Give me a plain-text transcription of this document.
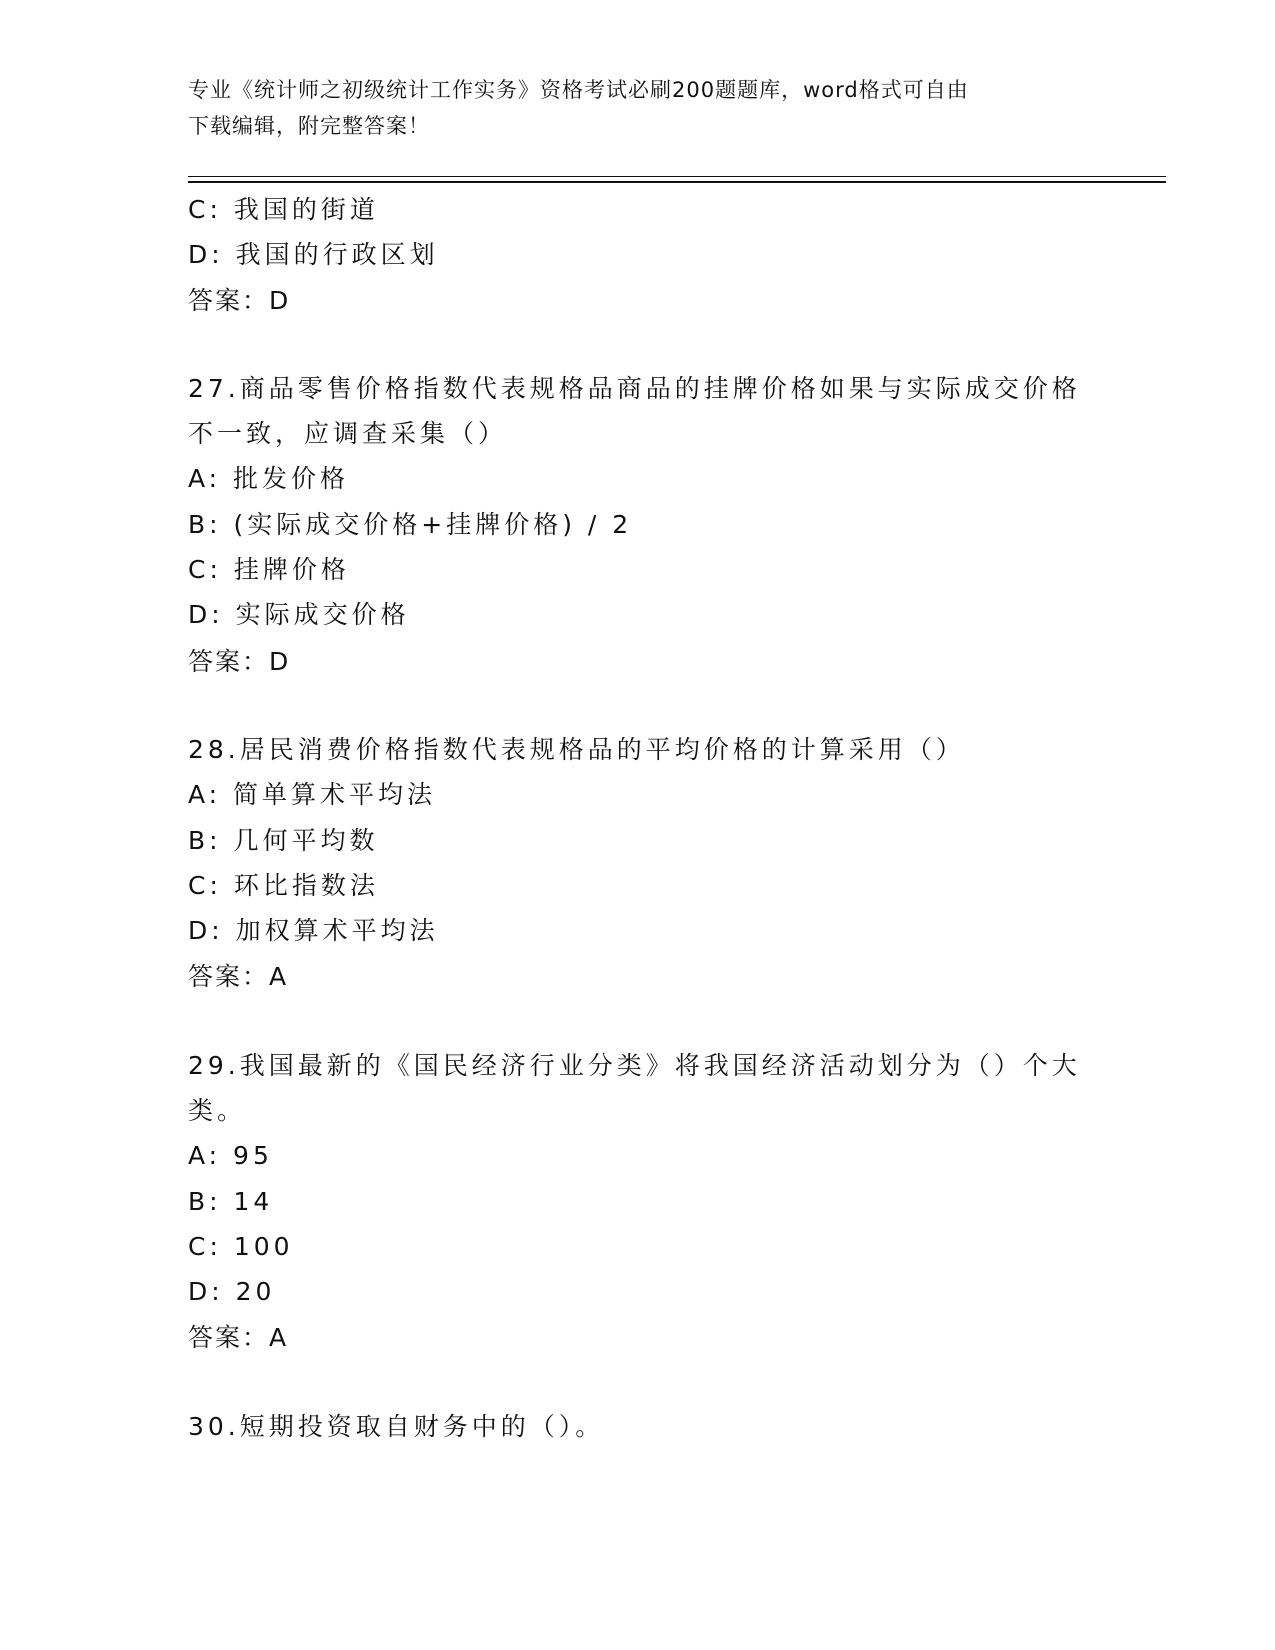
专业《统计师之初级统计工作实务》资格考试必刷200题题库，word格式可自由
下载编辑，附完整答案！
C: 我国的街道
D: 我国的行政区划
答案：D
27.商品零售价格指数代表规格品商品的挂牌价格如果与实际成交价格
不一致，应调查采集（）
A: 批发价格
B: (实际成交价格+挂牌价格) / 2
C: 挂牌价格
D: 实际成交价格
答案：D
28.居民消费价格指数代表规格品的平均价格的计算采用（）
A: 简单算术平均法
B: 几何平均数
C: 环比指数法
D: 加权算术平均法
答案：A
29.我国最新的《国民经济行业分类》将我国经济活动划分为（）个大
类。
A: 95
B: 14
C: 100
D: 20
答案：A
30.短期投资取自财务中的（）。
